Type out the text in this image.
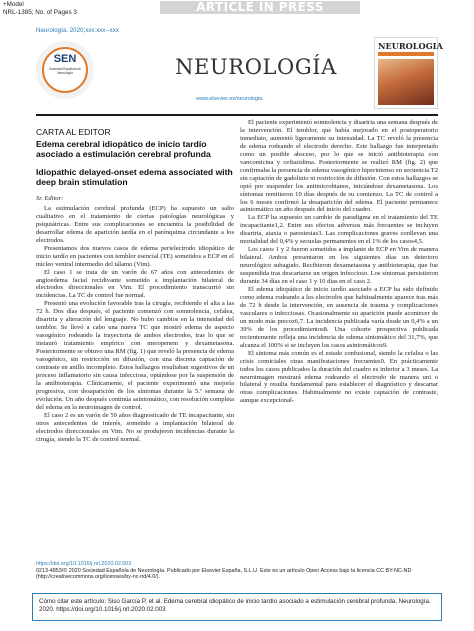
+Model
NRL-1385; No. of Pages 3	ARTICLE IN PRESS
Neurología. 2020;xxx:xxx--xxx
SEN
Sociedad Española de Neurología	NEUROLOGÍA
www.elsevier.es/neurologia
NEUROLOGIA
CARTA AL EDITOR
Edema cerebral idiopático de inicio tardío asociado a estimulación cerebral profunda
Idiopathic delayed-onset edema associated with deep brain stimulation
Sr. Editor:

La estimulación cerebral profunda (ECP) ha supuesto un salto cualitativo en el tratamiento de ciertas patologías neurológicas y psiquiátricas. Entre sus complicaciones se encuentra la posibilidad de desarrollar edema de aparición tardía en el parénquima circundante a los electrodos.

Presentamos dos nuevos casos de edema perielectrodo idiopático de inicio tardío en pacientes con temblor esencial (TE) sometidos a ECP en el núcleo ventral intermedio del tálamo (Vim).

El caso 1 se trata de un varón de 67 años con antecedentes de angioedema facial recidivante sometido a implantación bilateral de electrodos direccionales en Vim. El procedimiento transcurrió sin incidencias. La TC de control fue normal.

Presentó una evolución favorable tras la cirugía, recibiendo el alta a las 72 h. Dos días después, el paciente comenzó con somnolencia, cefalea, disartria y alteración del lenguaje. No hubo cambios en la intensidad del temblor. Se llevó a cabo una nueva TC que mostró edema de aspecto vasogénico rodeando la trayectoria de ambos electrodos, tras lo que se instauró tratamiento empírico con meropenem y dexametasona. Posteriormente se obtuvo una RM (fig. 1) que reveló la presencia de edema vasogénico, sin restricción en difusión, con una discreta captación de contraste en anillo incompleto. Estos hallazgos resultaban sugestivos de un proceso inflamatorio sin causa infecciosa, optándose por la suspensión de la antibioterapia. Clínicamente, el paciente experimentó una mejoría progresiva, con desaparición de los síntomas durante la 5.ª semana de evolución. Un año después continúa asintomático, con resolución completa del edema en la neuroimagen de control.

El caso 2 es un varón de 59 años diagnosticado de TE incapacitante, sin otros antecedentes de interés, sometido a implantación bilateral de electrodos direccionales en Vim. No se produjeron incidencias durante la cirugía, siendo la TC de control normal.

El paciente experimentó somnolencia y disartria una semana después de la intervención. El temblor, que había mejorado en el postoperatorio inmediato, aumentó ligeramente su intensidad. La TC reveló la presencia de edema rodeando el electrodo derecho. Este hallazgo fue interpretado como un posible absceso, por lo que se inició antibioterapia con vancomicina y ceftazidima. Posteriormente se realizó RM (fig. 2) que confirmaba la presencia de edema vasogénico hiperintenso en secuencia T2 sin captación de gadolinio ni restricción de difusión. Con estos hallazgos se optó por suspender los antimicrobianos, iniciándose dexametasona. Los síntomas remitieron 10 días después de su comienzo. La TC de control a los 6 meses confirmó la desaparición del edema. El paciente permanece asintomático un año después del inicio del cuadro.

La ECP ha supuesto un cambio de paradigma en el tratamiento del TE incapacitante1,2. Entre sus efectos adversos más frecuentes se incluyen disartria, ataxia o parestesias3. Las complicaciones graves conllevan una mortalidad del 0,4% y secuelas permanentes en el 1% de los casos4,5.

Los casos 1 y 2 fueron sometidos a implante de ECP en Vim de manera bilateral. Ambos presentaron en los siguientes días un deterioro neurológico subagudo. Recibieron dexametasona y antibioterapia, que fue suspendida tras descartarse un origen infeccioso. Los síntomas persistieron durante 34 días en el caso 1 y 10 días en el caso 2.

El edema idiopático de inicio tardío asociado a ECP ha sido definido como edema rodeando a los electrodos que habitualmente aparece tras más de 72 h desde la intervención, en ausencia de trauma y complicaciones vasculares o infecciosas. Ocasionalmente su aparición puede acontecer de un modo más precoz6,7. La incidencia publicada varía desde un 0,4% a un 39% de los procedimientos8. Una cohorte prospectiva publicada recientemente refleja una incidencia de edema sintomático del 31,7%, que alcanza el 100% si se incluyen los casos asintomáticos9.

El síntoma más común es el estado confusional, siendo la cefalea o las crisis comiciales otras manifestaciones frecuentes9. En prácticamente todos los casos publicados la duración del cuadro es inferior a 3 meses. La neuroimagen mostrará edema rodeando el electrodo de manera uni o bilateral y resulta fundamental para establecer el diagnóstico y descartar otras complicaciones. Habitualmente no existe captación de contraste, aunque excepcional-

https://doi.org/10.1016/j.nrl.2020.02.003
0213-4853/© 2020 Sociedad Española de Neurología. Publicado por Elsevier España, S.L.U. Este es un artículo Open Access bajo la licencia CC BY-NC-ND (http://creativecommons.org/licenses/by-nc-nd/4.0/).
Cómo citar este artículo: Siso García P, et al. Edema cerebral idiopático de inicio tardío asociado a estimulación cerebral profunda. Neurología. 2020. https://doi.org/10.1016/j.nrl.2020.02.003
